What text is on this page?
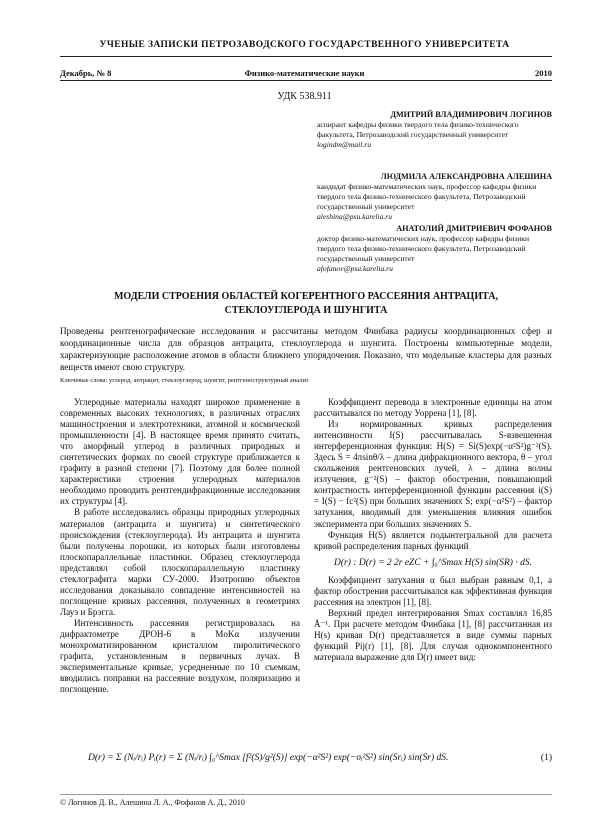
УЧЕНЫЕ ЗАПИСКИ ПЕТРОЗАВОДСКОГО ГОСУДАРСТВЕННОГО УНИВЕРСИТЕТА
Декабрь, № 8	Физико-математические науки	2010
УДК 538.911
ДМИТРИЙ ВЛАДИМИРОВИЧ ЛОГИНОВ
аспирант кафедры физики твердого тела физико-технического факультета, Петрозаводский государственный университет
logindm@mail.ru
ЛЮДМИЛА АЛЕКСАНДРОВНА АЛЕШИНА
кандидат физико-математических наук, профессор кафедры физики твердого тела физико-технического факультета, Петрозаводский государственный университет
aleshina@psu.karelia.ru
АНАТОЛИЙ ДМИТРИЕВИЧ ФОФАНОВ
доктор физико-математических наук, профессор кафедры физики твердого тела физико-технического факультета, Петрозаводский государственный университет
afofanov@psu.karelia.ru
МОДЕЛИ СТРОЕНИЯ ОБЛАСТЕЙ КОГЕРЕНТНОГО РАССЕЯНИЯ АНТРАЦИТА,
СТЕКЛОУГЛЕРОДА И ШУНГИТА
Проведены рентгенографические исследования и рассчитаны методом Финбака радиусы координационных сфер и координационные числа для образцов антрацита, стеклоуглерода и шунгита. Построены компьютерные модели, характеризующие расположение атомов в области ближнего упорядочения. Показано, что модельные кластеры для разных веществ имеют свою структуру.
Ключевые слова: углерод, антрацит, стеклоуглерод, шунгит, рентгеноструктурный анализ

Углеродные материалы находят широкое применение в современных высоких технологиях, в различных отраслях машиностроения и электротехники, атомной и космической промышленности [4]. В настоящее время принято считать, что аморфный углерод в различных природных и синтетических формах по своей структуре приближается к графиту в разной степени [7]. Поэтому для более полной характеристики строения углеродных материалов необходимо проводить рентгендифракционные исследования их структуры [4].

В работе исследовались образцы природных углеродных материалов (антрацита и шунгита) и синтетического происхождения (стеклоуглерода). Из антрацита и шунгита были получены порошки, из которых были изготовлены плоскопараллельные пластинки. Образец стеклоуглерода представлял собой плоскопараллельную пластинку стеклографита марки СУ-2000. Изотропию объектов исследования доказывало совпадение интенсивностей на поглощение кривых рассеяния, полученных в геометриях Лауэ и Брэгга.

Интенсивность рассеяния регистрировалась на дифрактометре ДРОН-6 в MoKα излучении монохроматизированном кристаллом пиролитического графита, установленным в первичных лучах. В экспериментальные кривые, усредненные по 10 съемкам, вводились поправки на рассеяние воздухом, поляризацию и поглощение.

Коэффициент перевода в электронные единицы на атом рассчитывался по методу Уоррена [1], [8].

Из нормированных кривых распределения интенсивности I(S) рассчитывалась S-взвешенная интерференционная функция: H(S) = Si(S)exp(−α²S²)g⁻²(S). Здесь S = 4πsinθ/λ – длина дифракционного вектора, θ – угол скольжения рентгеновских лучей, λ – длина волны излучения, g⁻²(S) – фактор обострения, повышающий контрастность интерференционной функции рассеяния i(S) = I(S) − fc²(S) при больших значениях S; exp(−α²S²) – фактор затухания, вводимый для уменьшения влияния ошибок эксперимента при больших значениях S.

Функция H(S) является подынтегральной для расчета кривой распределения парных функций

D(r) : D(r) = 2 2r eZC + ∫₀^Smax H(S) sin(SR) · dS.

Коэффициент затухания α был выбран равным 0,1, а фактор обострения рассчитывался как эффективная функция рассеяния на электрон [1], [8].

Верхний предел интегрирования Smax составлял 16,85 Å⁻¹. При расчете методом Финбака [1], [8] рассчитанная из H(s) кривая D(r) представляется в виде суммы парных функций Pij(r) [1], [8]. Для случая однокомпонентного материала выражение для D(r) имеет вид:

D(r) = Σ (Nᵢ/rᵢ) Pᵢ(r) = Σ (Nᵢ/rᵢ) ∫₀^Smax [f²(S)/g²(S)] exp(−α²S²) exp(−σᵢ²S²) sin(Srᵢ) sin(Sr) dS.	(1)
© Логинов Д. В., Алешина Л. А., Фофанов А. Д., 2010
